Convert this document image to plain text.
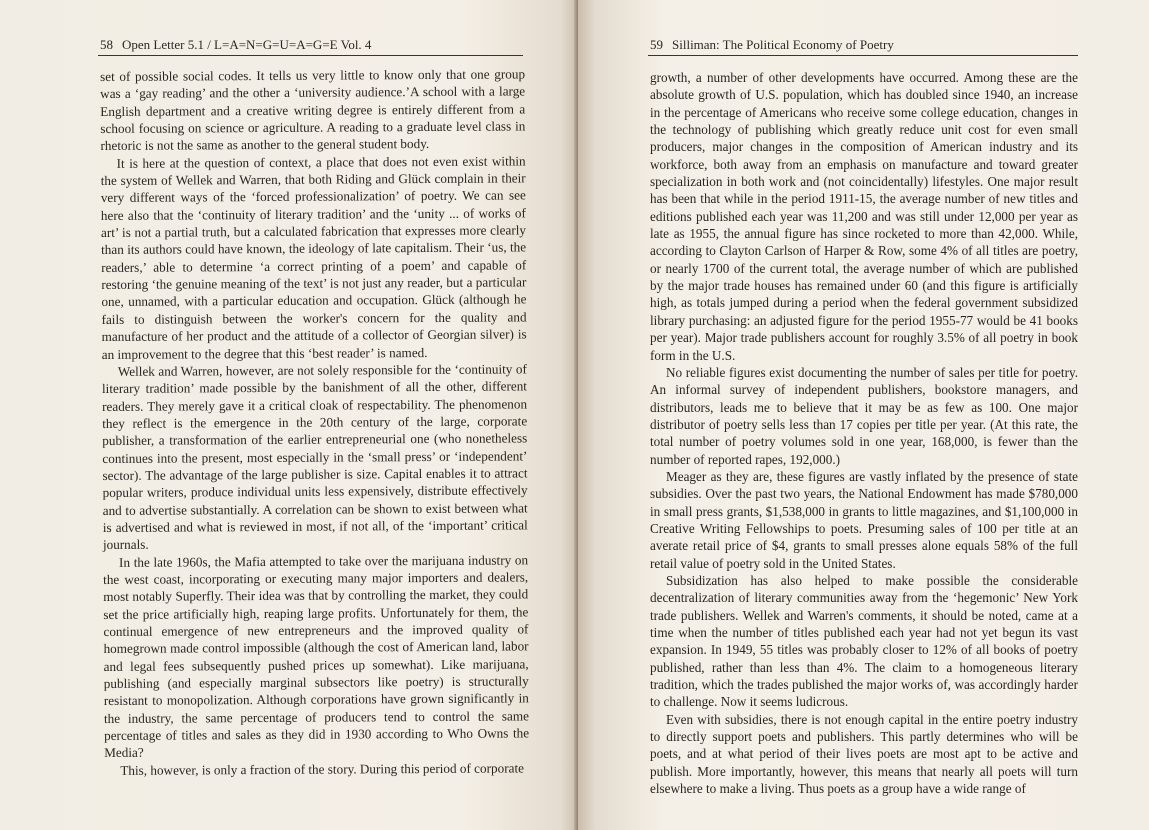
58 Open Letter 5.1 / L=A=N=G=U=A=G=E Vol. 4

set of possible social codes. It tells us very little to know only that one group was a ‘gay reading’ and the other a ‘university audience.’A school with a large English department and a creative writing degree is entirely different from a school focusing on science or agriculture. A reading to a graduate level class in rhetoric is not the same as another to the general student body.

It is here at the question of context, a place that does not even exist within the system of Wellek and Warren, that both Riding and Glück complain in their very different ways of the ‘forced professionalization’ of poetry. We can see here also that the ‘continuity of literary tradition’ and the ‘unity ... of works of art’ is not a partial truth, but a calculated fabrication that expresses more clearly than its authors could have known, the ideology of late capitalism. Their ‘us, the readers,’ able to determine ‘a correct printing of a poem’ and capable of restoring ‘the genuine meaning of the text’ is not just any reader, but a particular one, unnamed, with a particular education and occupation. Glück (although he fails to distinguish between the worker's concern for the quality and manufacture of her product and the attitude of a collector of Georgian silver) is an improvement to the degree that this ‘best reader’ is named.

Wellek and Warren, however, are not solely responsible for the ‘continuity of literary tradition’ made possible by the banishment of all the other, different readers. They merely gave it a critical cloak of respectability. The phenomenon they reflect is the emergence in the 20th century of the large, corporate publisher, a transformation of the earlier entrepreneurial one (who nonetheless continues into the present, most especially in the ‘small press’ or ‘independent’ sector). The advantage of the large publisher is size. Capital enables it to attract popular writers, produce individual units less expensively, distribute effectively and to advertise substantially. A correlation can be shown to exist between what is advertised and what is reviewed in most, if not all, of the ‘important’ critical journals.

In the late 1960s, the Mafia attempted to take over the marijuana industry on the west coast, incorporating or executing many major importers and dealers, most notably Superfly. Their idea was that by controlling the market, they could set the price artificially high, reaping large profits. Unfortunately for them, the continual emergence of new entrepreneurs and the improved quality of homegrown made control impossible (although the cost of American land, labor and legal fees subsequently pushed prices up somewhat). Like marijuana, publishing (and especially marginal subsectors like poetry) is structurally resistant to monopolization. Although corporations have grown significantly in the industry, the same percentage of producers tend to control the same percentage of titles and sales as they did in 1930 according to Who Owns the Media?

This, however, is only a fraction of the story. During this period of corporate

59 Silliman: The Political Economy of Poetry

growth, a number of other developments have occurred. Among these are the absolute growth of U.S. population, which has doubled since 1940, an increase in the percentage of Americans who receive some college education, changes in the technology of publishing which greatly reduce unit cost for even small producers, major changes in the composition of American industry and its workforce, both away from an emphasis on manufacture and toward greater specialization in both work and (not coincidentally) lifestyles. One major result has been that while in the period 1911-15, the average number of new titles and editions published each year was 11,200 and was still under 12,000 per year as late as 1955, the annual figure has since rocketed to more than 42,000. While, according to Clayton Carlson of Harper & Row, some 4% of all titles are poetry, or nearly 1700 of the current total, the average number of which are published by the major trade houses has remained under 60 (and this figure is artificially high, as totals jumped during a period when the federal government subsidized library purchasing: an adjusted figure for the period 1955-77 would be 41 books per year). Major trade publishers account for roughly 3.5% of all poetry in book form in the U.S.

No reliable figures exist documenting the number of sales per title for poetry. An informal survey of independent publishers, bookstore managers, and distributors, leads me to believe that it may be as few as 100. One major distributor of poetry sells less than 17 copies per title per year. (At this rate, the total number of poetry volumes sold in one year, 168,000, is fewer than the number of reported rapes, 192,000.)

Meager as they are, these figures are vastly inflated by the presence of state subsidies. Over the past two years, the National Endowment has made $780,000 in small press grants, $1,538,000 in grants to little magazines, and $1,100,000 in Creative Writing Fellowships to poets. Presuming sales of 100 per title at an averate retail price of $4, grants to small presses alone equals 58% of the full retail value of poetry sold in the United States.

Subsidization has also helped to make possible the considerable decentralization of literary communities away from the ‘hegemonic’ New York trade publishers. Wellek and Warren's comments, it should be noted, came at a time when the number of titles published each year had not yet begun its vast expansion. In 1949, 55 titles was probably closer to 12% of all books of poetry published, rather than less than 4%. The claim to a homogeneous literary tradition, which the trades published the major works of, was accordingly harder to challenge. Now it seems ludicrous.

Even with subsidies, there is not enough capital in the entire poetry industry to directly support poets and publishers. This partly determines who will be poets, and at what period of their lives poets are most apt to be active and publish. More importantly, however, this means that nearly all poets will turn elsewhere to make a living. Thus poets as a group have a wide range of
